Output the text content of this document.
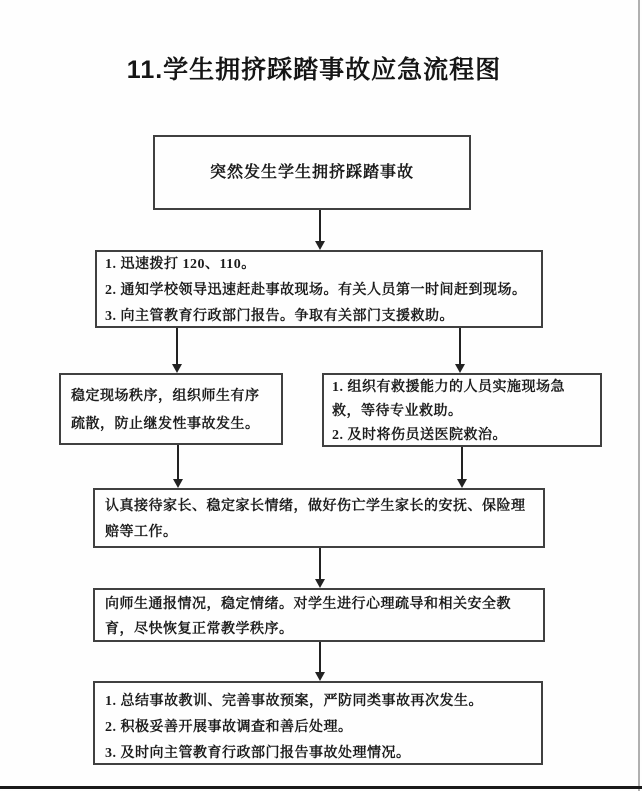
11.学生拥挤踩踏事故应急流程图
突然发生学生拥挤踩踏事故
1. 迅速拨打 120、110。
2. 通知学校领导迅速赶赴事故现场。有关人员第一时间赶到现场。
3. 向主管教育行政部门报告。争取有关部门支援救助。
稳定现场秩序，组织师生有序疏散，防止继发性事故发生。
1. 组织有救援能力的人员实施现场急救，等待专业救助。
2. 及时将伤员送医院救治。
认真接待家长、稳定家长情绪，做好伤亡学生家长的安抚、保险理赔等工作。
向师生通报情况，稳定情绪。对学生进行心理疏导和相关安全教育，尽快恢复正常教学秩序。
1. 总结事故教训、完善事故预案，严防同类事故再次发生。
2. 积极妥善开展事故调查和善后处理。
3. 及时向主管教育行政部门报告事故处理情况。
